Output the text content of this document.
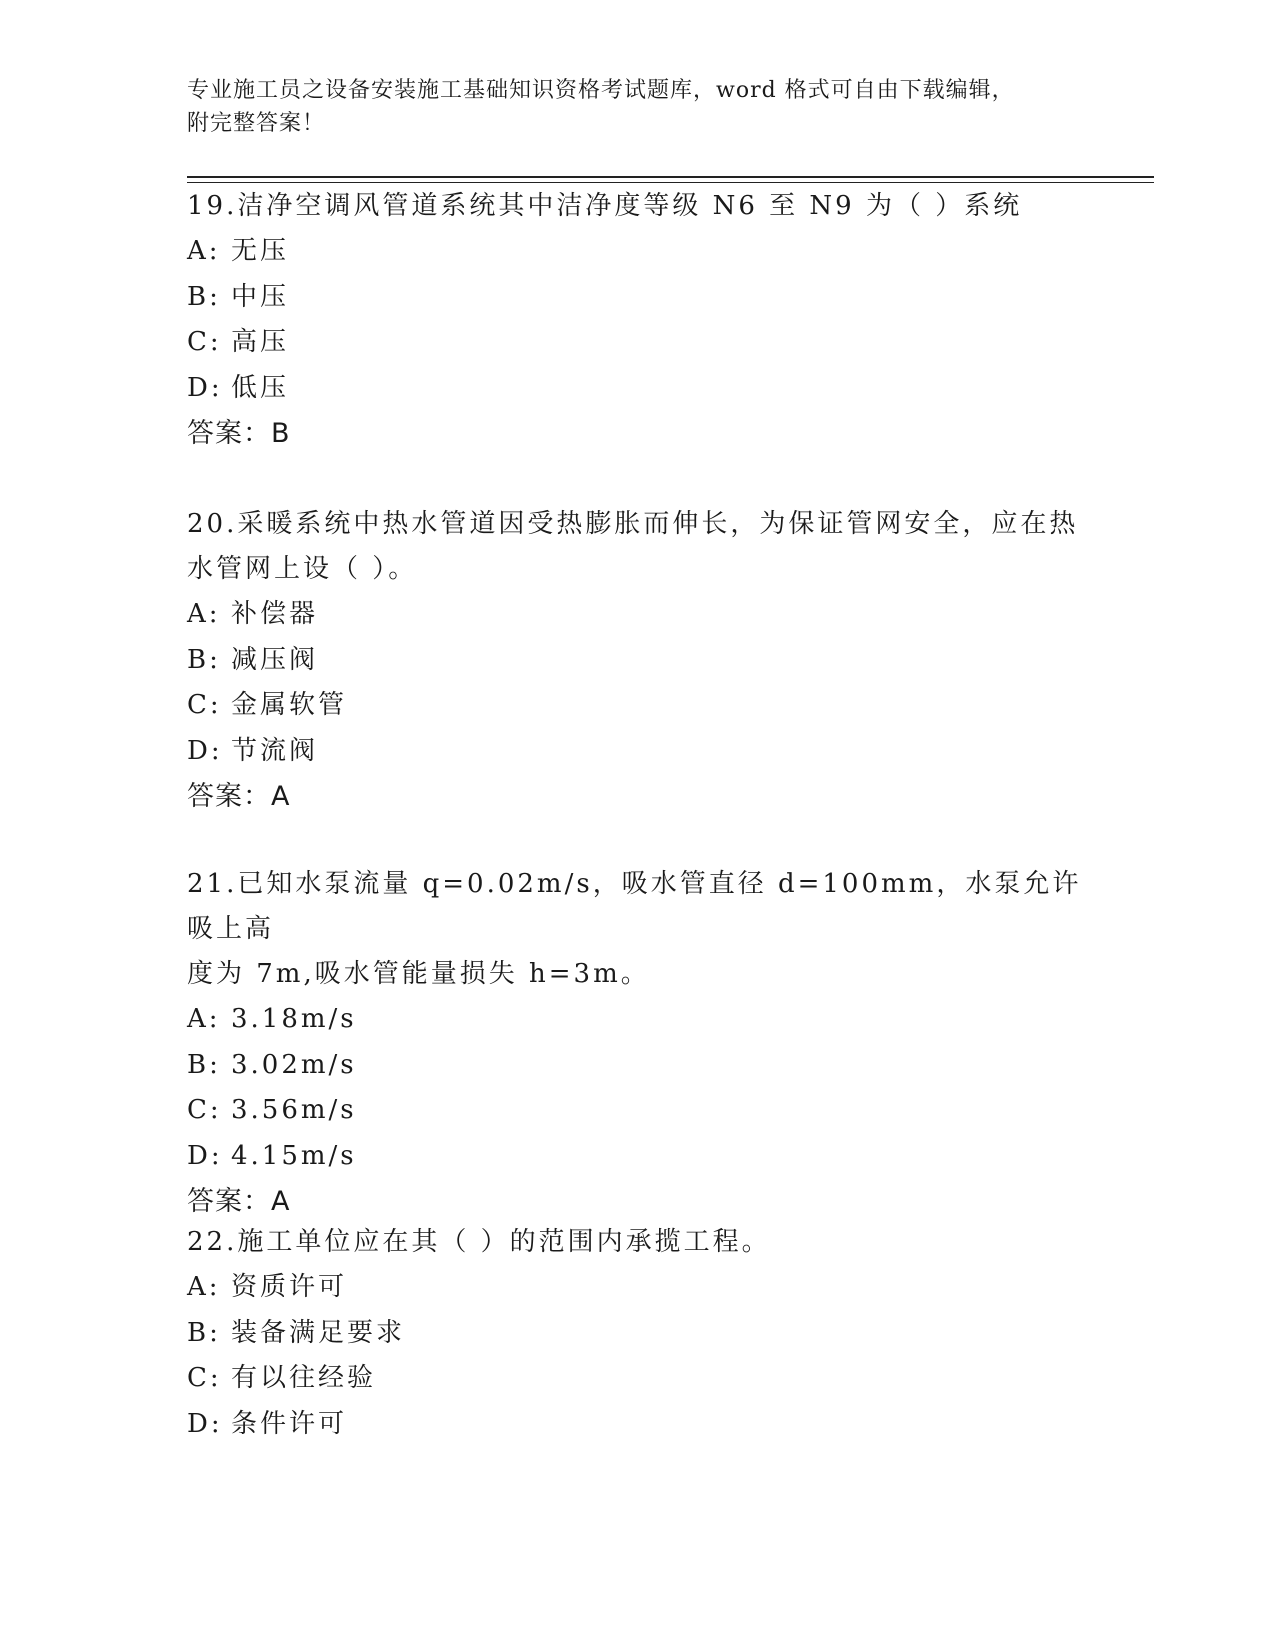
专业施工员之设备安装施工基础知识资格考试题库，word 格式可自由下载编辑，
附完整答案！

19.洁净空调风管道系统其中洁净度等级 N6 至 N9 为（ ）系统

A: 无压

B: 中压

C: 高压

D: 低压

答案：B

20.采暖系统中热水管道因受热膨胀而伸长，为保证管网安全，应在热

水管网上设（ ）。

A: 补偿器

B: 减压阀

C: 金属软管

D: 节流阀

答案：A

21.已知水泵流量 q=0.02m/s，吸水管直径 d=100mm，水泵允许吸上高

度为 7m,吸水管能量损失 h=3m。

A: 3.18m/s

B: 3.02m/s

C: 3.56m/s

D: 4.15m/s

答案：A

22.施工单位应在其（ ）的范围内承揽工程。

A: 资质许可

B: 装备满足要求

C: 有以往经验

D: 条件许可
